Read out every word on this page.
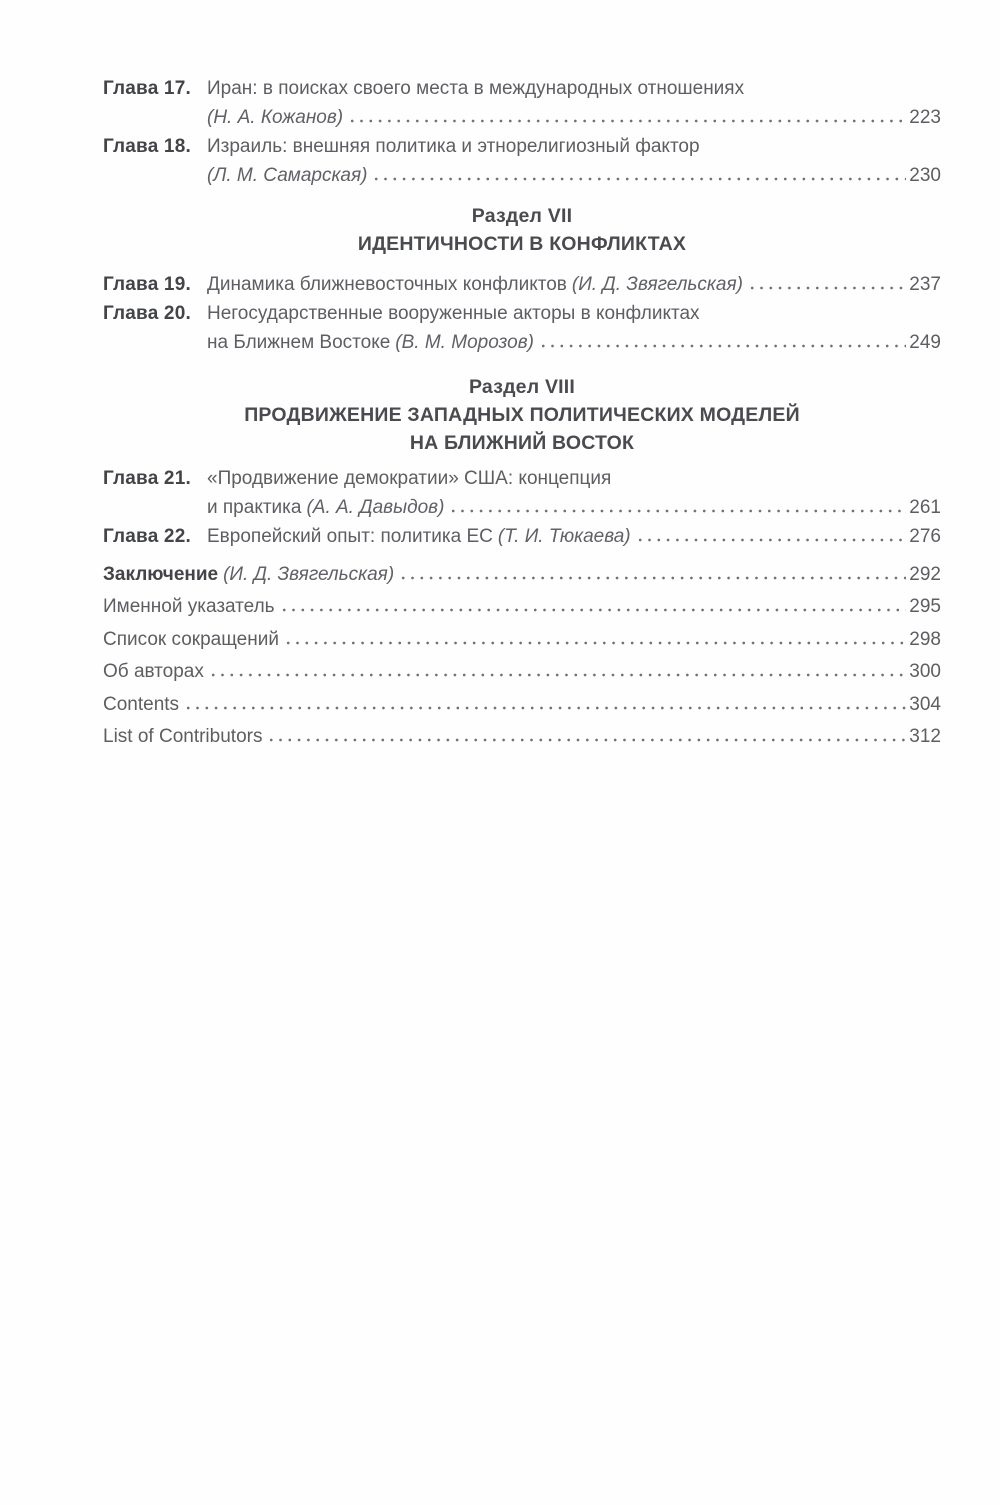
Глава 17. Иран: в поисках своего места в международных отношениях
(Н. А. Кожанов)	223
Глава 18. Израиль: внешняя политика и этнорелигиозный фактор
(Л. М. Самарская)	230
Раздел VII
ИДЕНТИЧНОСТИ В КОНФЛИКТАХ
Глава 19. Динамика ближневосточных конфликтов (И. Д. Звягельская)	237
Глава 20. Негосударственные вооруженные акторы в конфликтах
на Ближнем Востоке (В. М. Морозов)	249
Раздел VIII
ПРОДВИЖЕНИЕ ЗАПАДНЫХ ПОЛИТИЧЕСКИХ МОДЕЛЕЙ
НА БЛИЖНИЙ ВОСТОК
Глава 21. «Продвижение демократии» США: концепция
и практика (А. А. Давыдов)	261
Глава 22. Европейский опыт: политика ЕС (Т. И. Тюкаева)	276
Заключение (И. Д. Звягельская)	292
Именной указатель	295
Список сокращений	298
Об авторах	300
Contents	304
List of Contributors	312
